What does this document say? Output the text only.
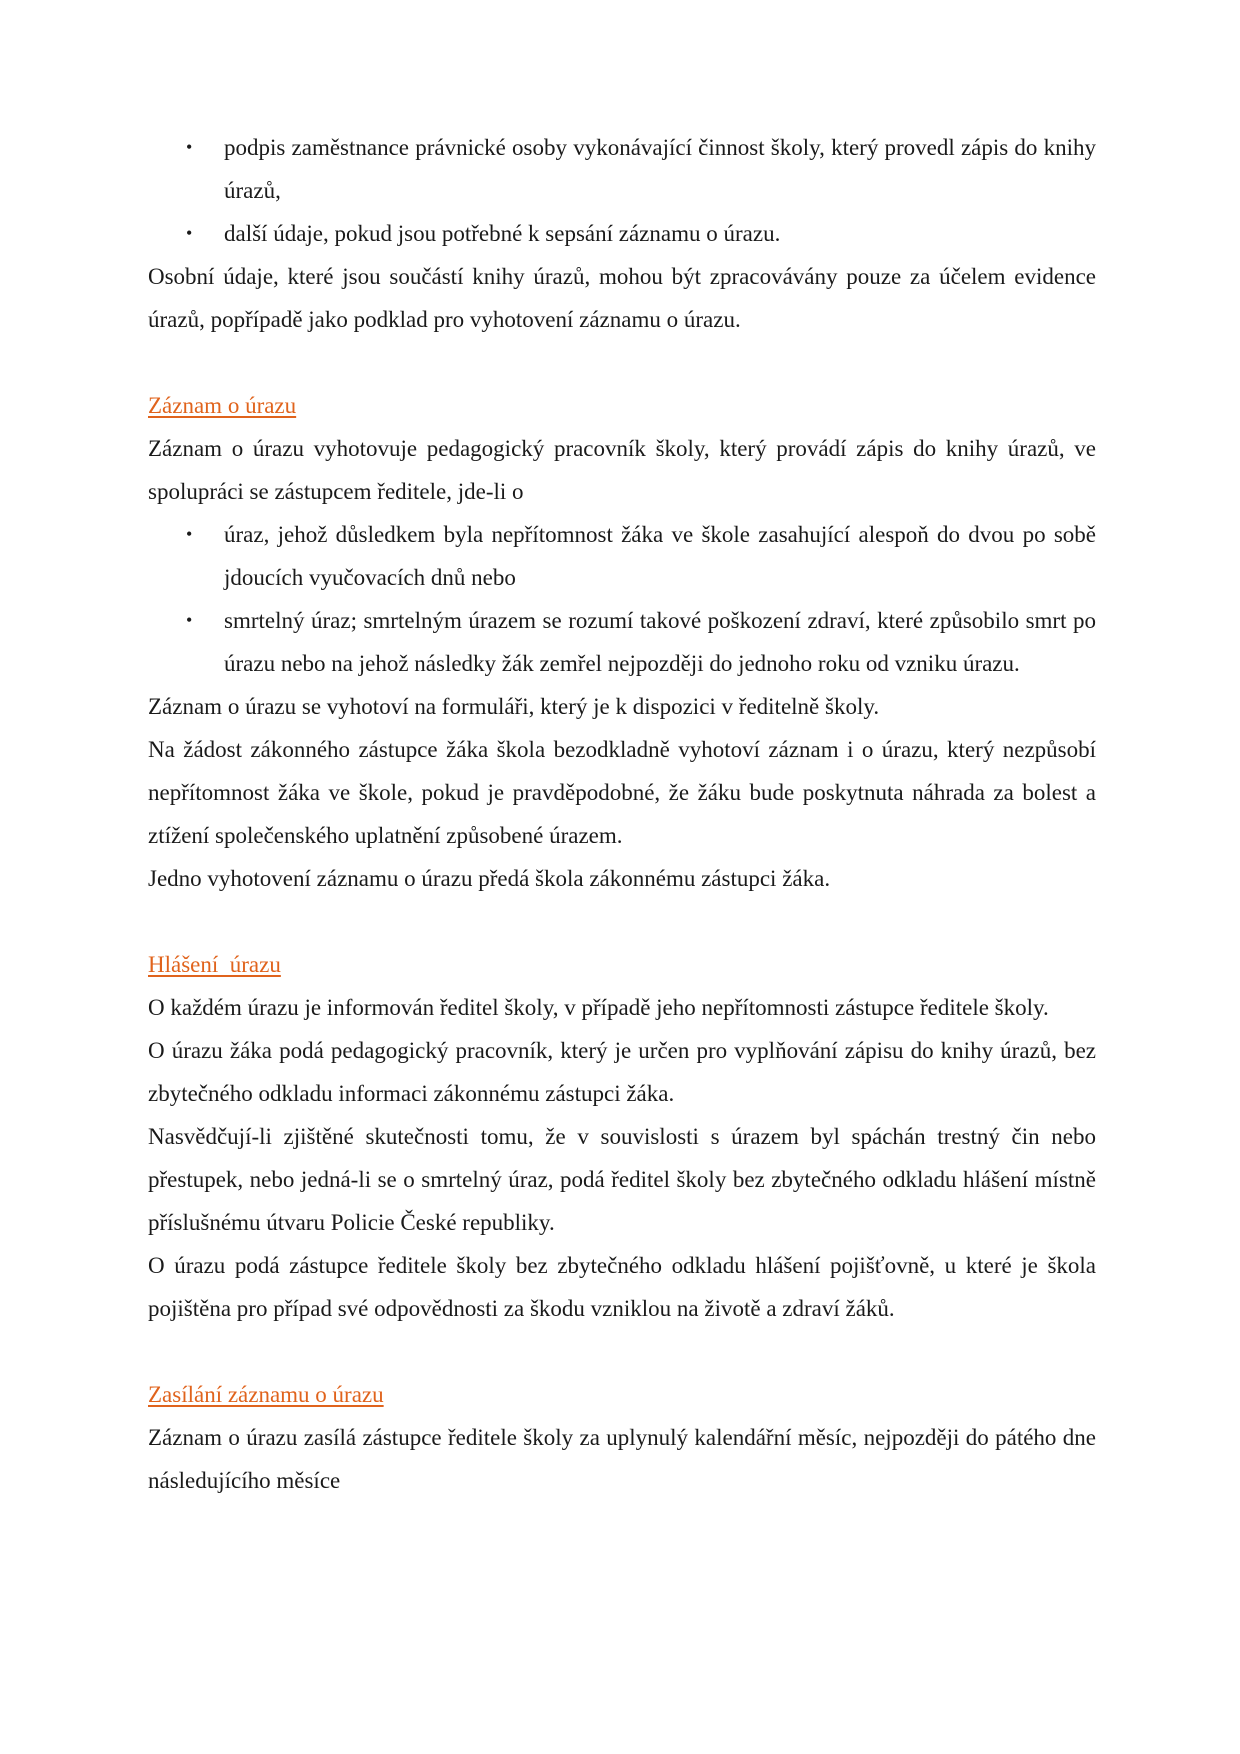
• podpis zaměstnance právnické osoby vykonávající činnost školy, který provedl zápis do knihy úrazů,
• další údaje, pokud jsou potřebné k sepsání záznamu o úrazu.

Osobní údaje, které jsou součástí knihy úrazů, mohou být zpracovávány pouze za účelem evidence úrazů, popřípadě jako podklad pro vyhotovení záznamu o úrazu.

Záznam o úrazu

Záznam o úrazu vyhotovuje pedagogický pracovník školy, který provádí zápis do knihy úrazů, ve spolupráci se zástupcem ředitele, jde-li o

• úraz, jehož důsledkem byla nepřítomnost žáka ve škole zasahující alespoň do dvou po sobě jdoucích vyučovacích dnů nebo
• smrtelný úraz; smrtelným úrazem se rozumí takové poškození zdraví, které způsobilo smrt po úrazu nebo na jehož následky žák zemřel nejpozději do jednoho roku od vzniku úrazu.

Záznam o úrazu se vyhotoví na formuláři, který je k dispozici v ředitelně školy.

Na žádost zákonného zástupce žáka škola bezodkladně vyhotoví záznam i o úrazu, který nezpůsobí nepřítomnost žáka ve škole, pokud je pravděpodobné, že žáku bude poskytnuta náhrada za bolest a ztížení společenského uplatnění způsobené úrazem.

Jedno vyhotovení záznamu o úrazu předá škola zákonnému zástupci žáka.

Hlášení  úrazu

O každém úrazu je informován ředitel školy, v případě jeho nepřítomnosti zástupce ředitele školy.

O úrazu žáka podá pedagogický pracovník, který je určen pro vyplňování zápisu do knihy úrazů, bez zbytečného odkladu informaci zákonnému zástupci žáka.

Nasvědčují-li zjištěné skutečnosti tomu, že v souvislosti s úrazem byl spáchán trestný čin nebo přestupek, nebo jedná-li se o smrtelný úraz, podá ředitel školy bez zbytečného odkladu hlášení místně příslušnému útvaru Policie České republiky.

O úrazu podá zástupce ředitele školy bez zbytečného odkladu hlášení pojišťovně, u které je škola pojištěna pro případ své odpovědnosti za škodu vzniklou na životě a zdraví žáků.

Zasílání záznamu o úrazu

Záznam o úrazu zasílá zástupce ředitele školy za uplynulý kalendářní měsíc, nejpozději do pátého dne následujícího měsíce
